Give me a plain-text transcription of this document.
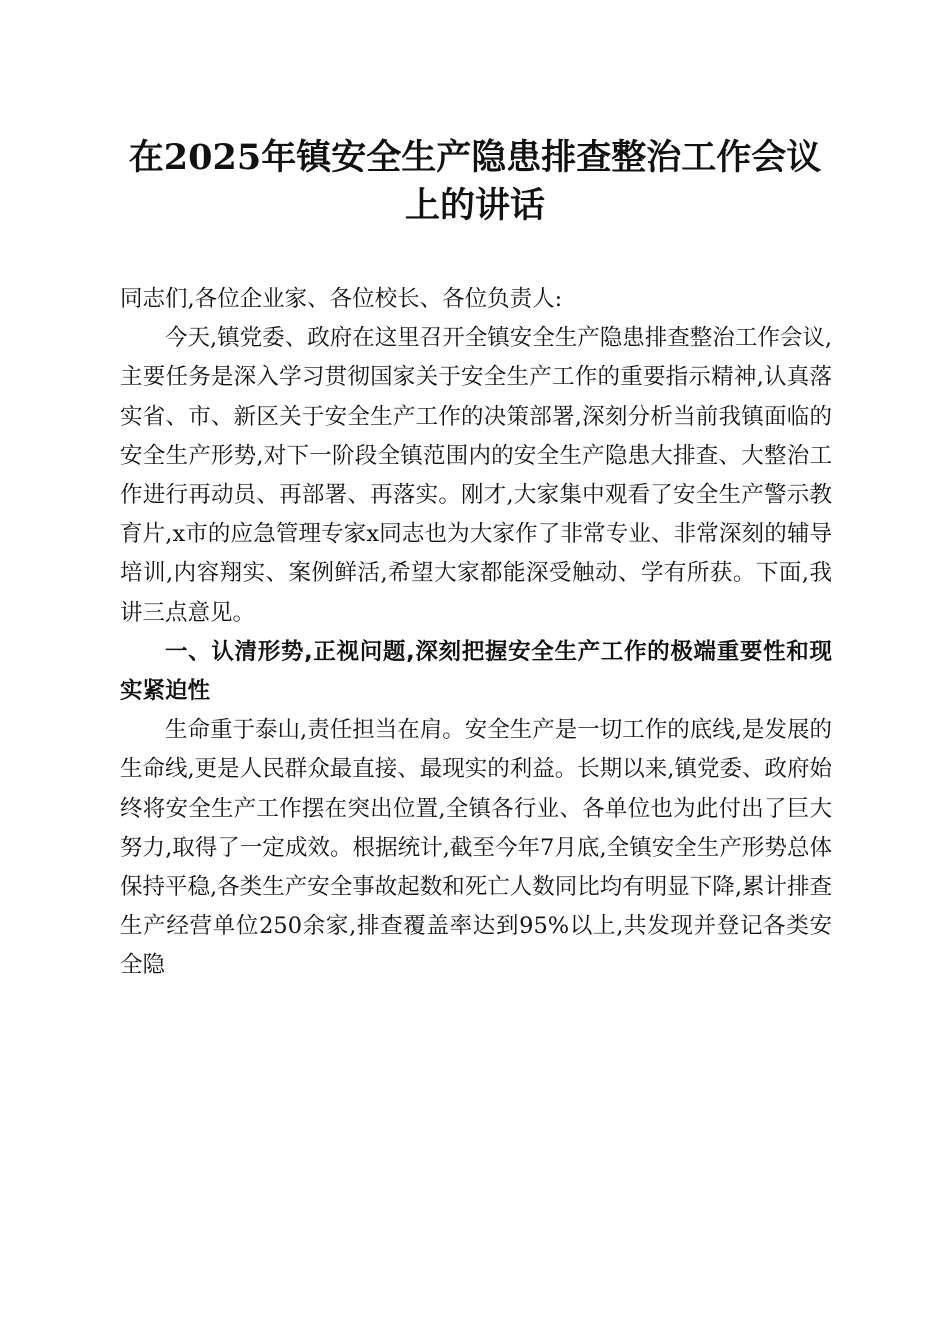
在2025年镇安全生产隐患排查整治工作会议
上的讲话

同志们,各位企业家、各位校长、各位负责人:

今天,镇党委、政府在这里召开全镇安全生产隐患排查整治工作会议,主要任务是深入学习贯彻国家关于安全生产工作的重要指示精神,认真落实省、市、新区关于安全生产工作的决策部署,深刻分析当前我镇面临的安全生产形势,对下一阶段全镇范围内的安全生产隐患大排查、大整治工作进行再动员、再部署、再落实。刚才,大家集中观看了安全生产警示教育片,x市的应急管理专家x同志也为大家作了非常专业、非常深刻的辅导培训,内容翔实、案例鲜活,希望大家都能深受触动、学有所获。下面,我讲三点意见。

一、认清形势,正视问题,深刻把握安全生产工作的极端重要性和现实紧迫性

生命重于泰山,责任担当在肩。安全生产是一切工作的底线,是发展的生命线,更是人民群众最直接、最现实的利益。长期以来,镇党委、政府始终将安全生产工作摆在突出位置,全镇各行业、各单位也为此付出了巨大努力,取得了一定成效。根据统计,截至今年7月底,全镇安全生产形势总体保持平稳,各类生产安全事故起数和死亡人数同比均有明显下降,累计排查生产经营单位250余家,排查覆盖率达到95%以上,共发现并登记各类安全隐
